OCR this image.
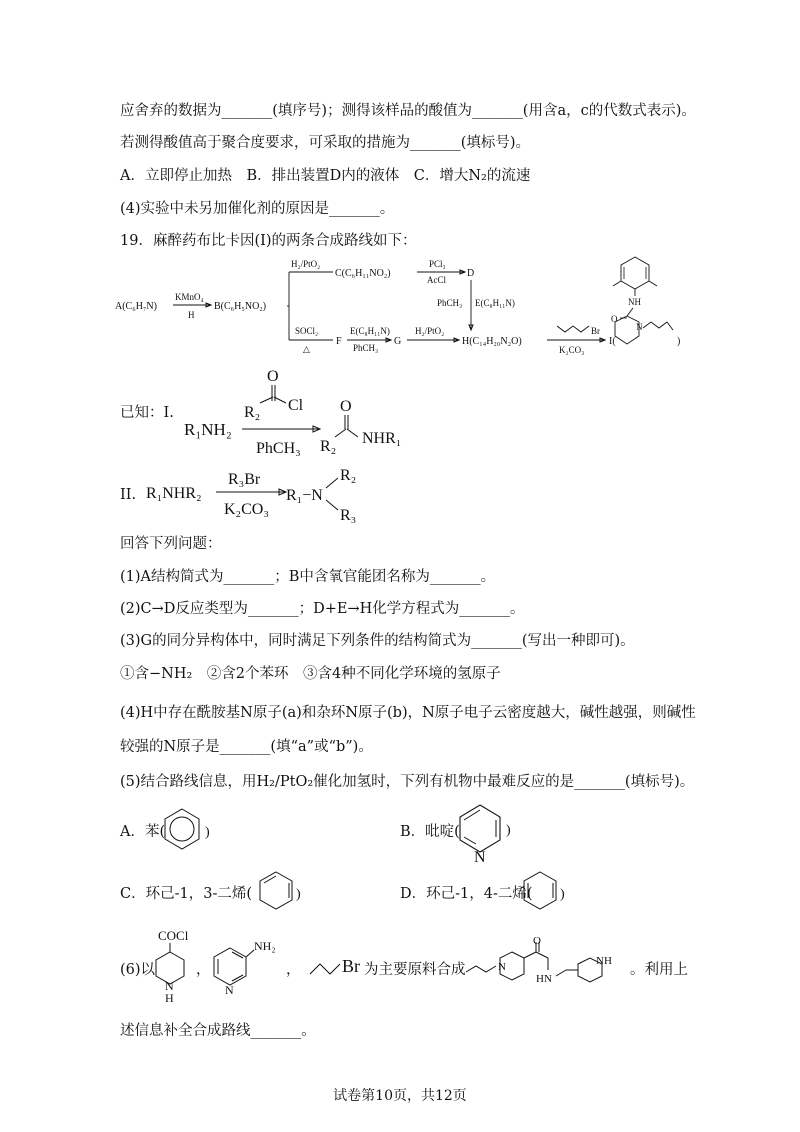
应舍弃的数据为_______(填序号)；测得该样品的酸值为_______(用含a，c的代数式表示)。
若测得酸值高于聚合度要求，可采取的措施为_______(填标号)。
A．立即停止加热　B．排出装置D内的液体　C．增大N₂的流速
(4)实验中未另加催化剂的原因是_______。
19．麻醉药布比卡因(I)的两条合成路线如下：
A(C₆H₇N)
KMnO₄
H
B(C₆H₅NO₂)
H₂/PtO₂
C(C₆H₁₁NO₂)
PCl₃
AcCl
D
PhCH₃ E(C₈H₁₁N)
SOCl₂
△
F
E(C₈H₁₁N)
PhCH₃
G
H₂/PtO₂
H(C₁₄H₂₀N₂O)
Br
K₂CO₃
I(
NH
O
N
)
已知：I.
O
R₂ Cl
R₁NH₂
PhCH₃
O
R₂ NHR₁
II. R₁NHR₂
R₃Br
K₂CO₃
R₁−N
R₂
R₃
回答下列问题：
(1)A结构简式为_______；B中含氧官能团名称为_______。
(2)C→D反应类型为_______；D+E→H化学方程式为_______。
(3)G的同分异构体中，同时满足下列条件的结构简式为_______(写出一种即可)。
①含−NH₂　②含2个苯环　③含4种不同化学环境的氢原子
(4)H中存在酰胺基N原子(a)和杂环N原子(b)，N原子电子云密度越大，碱性越强，则碱性
较强的N原子是_______(填“a”或“b”)。
(5)结合路线信息，用H₂/PtO₂催化加氢时，下列有机物中最难反应的是_______(填标号)。
A．苯(	)	B．吡啶(
N
)
C．环己-1，3-二烯(	)	D．环己-1，4-二烯( )
(6)以
COCl
N
H
，
NH₂
N
， Br 为主要原料合成	N
O
HN
NH
。利用上
述信息补全合成路线_______。
试卷第10页，共12页
